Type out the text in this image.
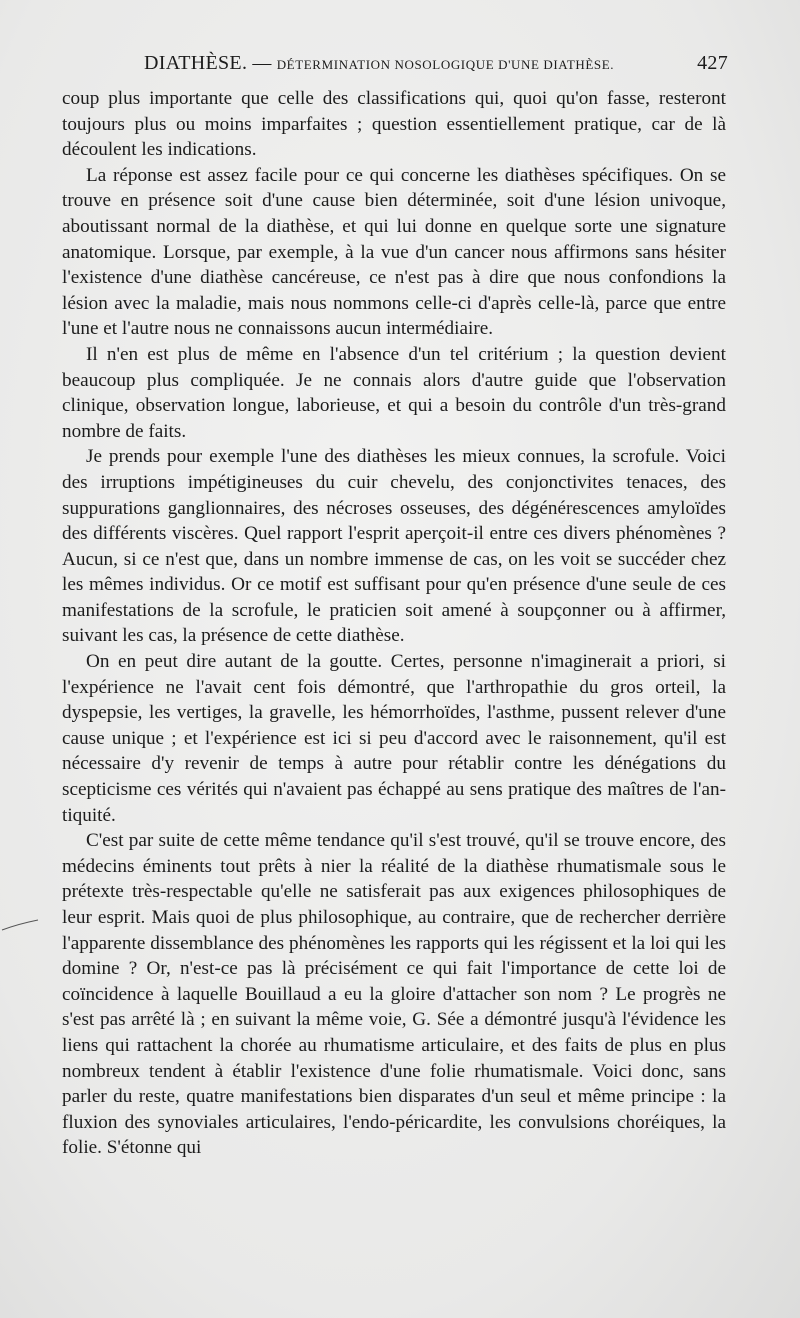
DIATHÈSE. — DÉTERMINATION NOSOLOGIQUE D'UNE DIATHÈSE.	427

coup plus importante que celle des classifications qui, quoi qu'on fasse, resteront toujours plus ou moins imparfaites ; question essentiellement pratique, car de là découlent les indications.

La réponse est assez facile pour ce qui concerne les diathèses spécifiques. On se trouve en présence soit d'une cause bien déterminée, soit d'une lésion univoque, aboutissant normal de la diathèse, et qui lui donne en quelque sorte une signature anatomique. Lorsque, par exemple, à la vue d'un cancer nous affirmons sans hésiter l'existence d'une diathèse cancéreuse, ce n'est pas à dire que nous confondions la lésion avec la maladie, mais nous nommons celle-ci d'après celle-là, parce que entre l'une et l'autre nous ne connaissons aucun intermédiaire.

Il n'en est plus de même en l'absence d'un tel critérium ; la question devient beaucoup plus compliquée. Je ne connais alors d'autre guide que l'observation clinique, observation longue, laborieuse, et qui a besoin du contrôle d'un très-grand nombre de faits.

Je prends pour exemple l'une des diathèses les mieux connues, la scrofule. Voici des irruptions impétigineuses du cuir chevelu, des conjonctivites tenaces, des suppurations ganglionnaires, des nécroses osseuses, des dégénérescences amyloïdes des différents viscères. Quel rapport l'esprit aperçoit-il entre ces divers phénomènes ? Aucun, si ce n'est que, dans un nombre immense de cas, on les voit se succéder chez les mêmes individus. Or ce motif est suffisant pour qu'en présence d'une seule de ces manifestations de la scrofule, le praticien soit amené à soupçonner ou à affirmer, suivant les cas, la présence de cette diathèse.

On en peut dire autant de la goutte. Certes, personne n'imaginerait a priori, si l'expérience ne l'avait cent fois démontré, que l'arthropathie du gros orteil, la dyspepsie, les vertiges, la gravelle, les hémorrhoïdes, l'asthme, pussent relever d'une cause unique ; et l'expérience est ici si peu d'accord avec le raisonnement, qu'il est nécessaire d'y revenir de temps à autre pour rétablir contre les dénégations du scepticisme ces vérités qui n'avaient pas échappé au sens pratique des maîtres de l'antiquité.

C'est par suite de cette même tendance qu'il s'est trouvé, qu'il se trouve encore, des médecins éminents tout prêts à nier la réalité de la diathèse rhumatismale sous le prétexte très-respectable qu'elle ne satisferait pas aux exigences philosophiques de leur esprit. Mais quoi de plus philosophique, au contraire, que de rechercher derrière l'apparente dissemblance des phénomènes les rapports qui les régissent et la loi qui les domine ? Or, n'est-ce pas là précisément ce qui fait l'importance de cette loi de coïncidence à laquelle Bouillaud a eu la gloire d'attacher son nom ? Le progrès ne s'est pas arrêté là ; en suivant la même voie, G. Sée a démontré jusqu'à l'évidence les liens qui rattachent la chorée au rhumatisme articulaire, et des faits de plus en plus nombreux tendent à établir l'existence d'une folie rhumatismale. Voici donc, sans parler du reste, quatre manifestations bien disparates d'un seul et même principe : la fluxion des synoviales articulaires, l'endo-péricardite, les convulsions choréiques, la folie. S'étonne qui
